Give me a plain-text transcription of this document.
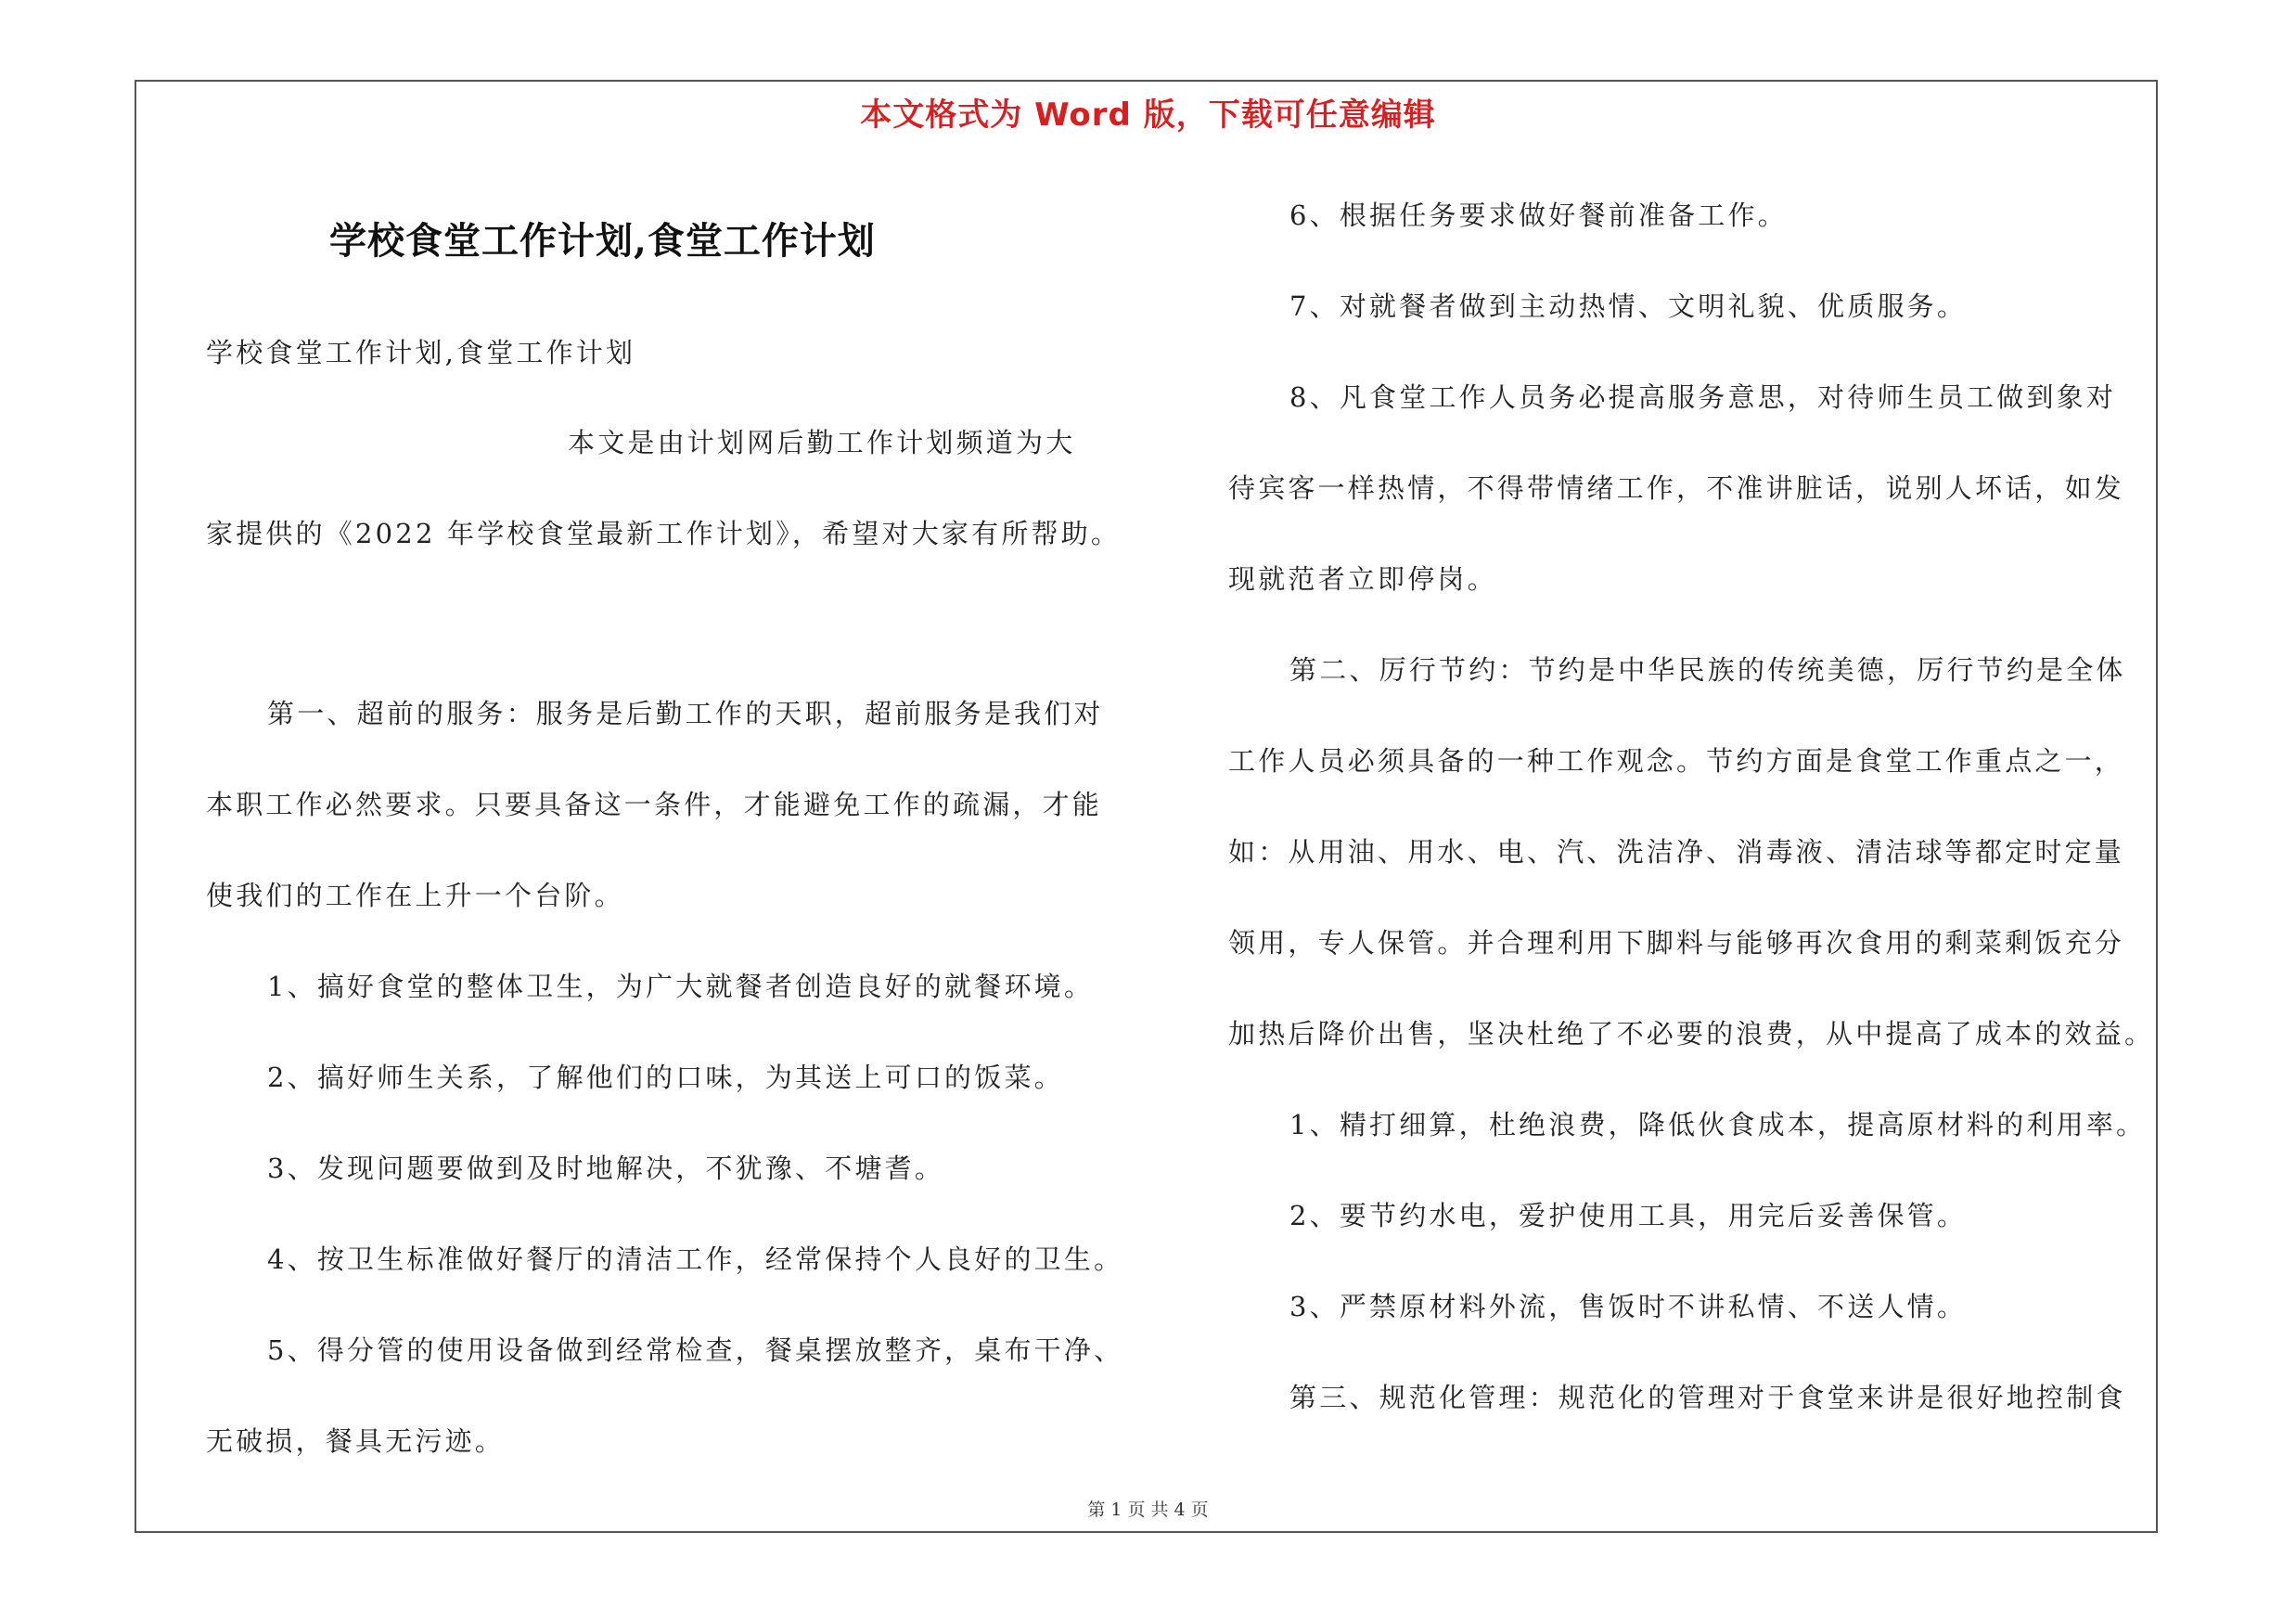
本文格式为 Word 版，下载可任意编辑
学校食堂工作计划,食堂工作计划
学校食堂工作计划,食堂工作计划
本文是由计划网后勤工作计划频道为大
家提供的《2022 年学校食堂最新工作计划》，希望对大家有所帮助。
第一、超前的服务：服务是后勤工作的天职，超前服务是我们对
本职工作必然要求。只要具备这一条件，才能避免工作的疏漏，才能
使我们的工作在上升一个台阶。
1、搞好食堂的整体卫生，为广大就餐者创造良好的就餐环境。
2、搞好师生关系，了解他们的口味，为其送上可口的饭菜。
3、发现问题要做到及时地解决，不犹豫、不塘耆。
4、按卫生标准做好餐厅的清洁工作，经常保持个人良好的卫生。
5、得分管的使用设备做到经常检查，餐桌摆放整齐，桌布干净、
无破损，餐具无污迹。
6、根据任务要求做好餐前准备工作。
7、对就餐者做到主动热情、文明礼貌、优质服务。
8、凡食堂工作人员务必提高服务意思，对待师生员工做到象对
待宾客一样热情，不得带情绪工作，不准讲脏话，说别人坏话，如发
现就范者立即停岗。
第二、厉行节约：节约是中华民族的传统美德，厉行节约是全体
工作人员必须具备的一种工作观念。节约方面是食堂工作重点之一，
如：从用油、用水、电、汽、洗洁净、消毒液、清洁球等都定时定量
领用，专人保管。并合理利用下脚料与能够再次食用的剩菜剩饭充分
加热后降价出售，坚决杜绝了不必要的浪费，从中提高了成本的效益。
1、精打细算，杜绝浪费，降低伙食成本，提高原材料的利用率。
2、要节约水电，爱护使用工具，用完后妥善保管。
3、严禁原材料外流，售饭时不讲私情、不送人情。
第三、规范化管理：规范化的管理对于食堂来讲是很好地控制食
第 1 页 共 4 页
